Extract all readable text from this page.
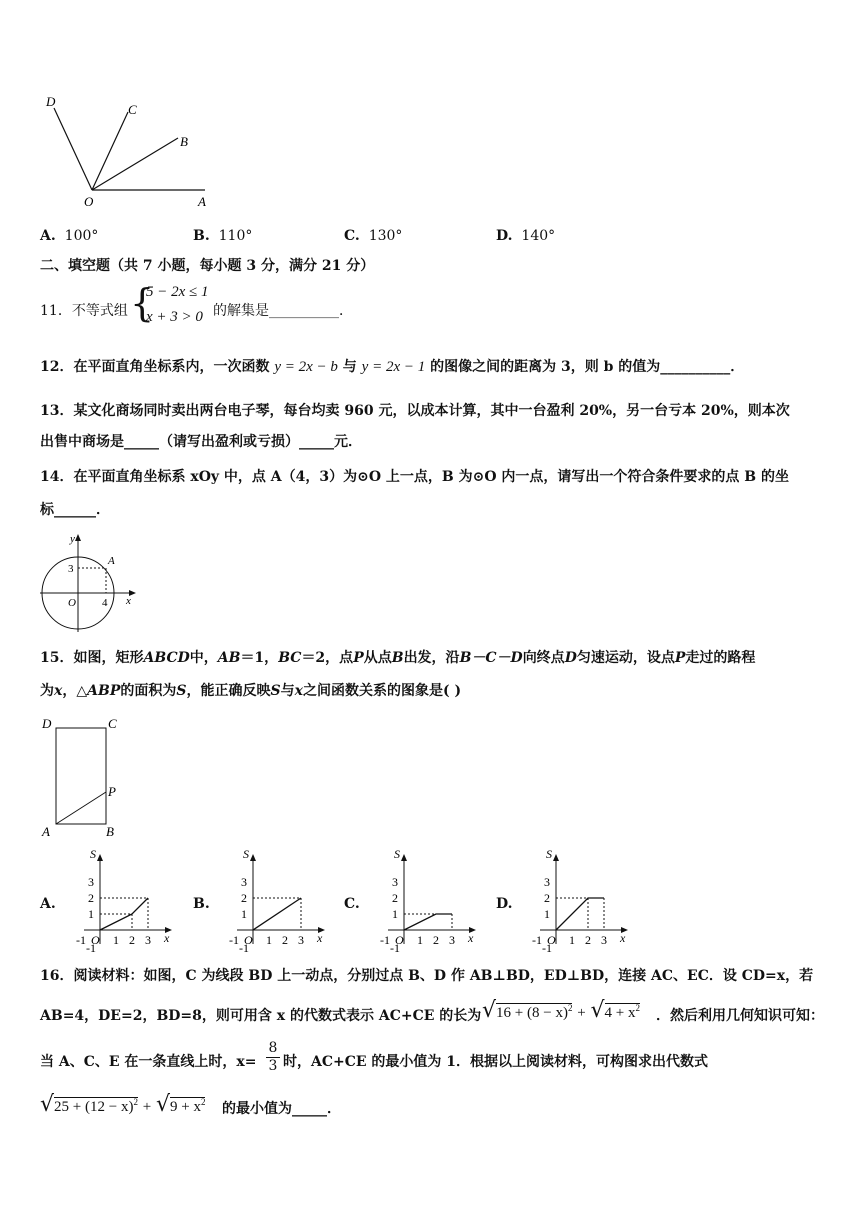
D
C
B
O	A
A. 100°	B. 110°	C. 130°	D. 140°
二、填空题（共 7 小题，每小题 3 分，满分 21 分）
11．不等式组 {
5 − 2x ≤ 1
x + 3 > 0 的解集是__________．
12．在平面直角坐标系内，一次函数 y = 2x − b 与 y = 2x − 1 的图像之间的距离为 3，则 b 的值为__________．
13．某文化商场同时卖出两台电子琴，每台均卖 960 元，以成本计算，其中一台盈利 20%，另一台亏本 20%，则本次
出售中商场是_____（请写出盈利或亏损）_____元．
14．在平面直角坐标系 xOy 中，点 A（4，3）为⊙O 上一点，B 为⊙O 内一点，请写出一个符合条件要求的点 B 的坐
标______．
y
x
O
A
3
4
15．如图，矩形ABCD中，AB＝1，BC＝2，点P从点B出发，沿B－C－D向终点D匀速运动，设点P走过的路程
为x，△ABP的面积为S，能正确反映S与x之间函数关系的图象是( )
D	C
A	B
P
A.
S
x
3
2
1
-1
-1 O 1 2 3
B.
S
x
3
2
1
-1
-1 O 1 2 3
C.
S
x
3
2
1
-1
-1 O 1 2 3
D.
S
x
3
2
1
-1
-1 O 1 2 3
16．阅读材料：如图，C 为线段 BD 上一动点，分别过点 B、D 作 AB⊥BD，ED⊥BD，连接 AC、EC．设 CD=x，若
AB=4，DE=2，BD=8，则可用含 x 的代数式表示 AC+CE 的长为 $√16 + (8 - x)^2 + √4 + x^2$ ．然后利用几何知识可知：
当 A、C、E 在一条直线上时，x=
8
3 时，AC+CE 的最小值为 1．根据以上阅读材料，可构图求出代数式
$√25 + (12 - x)^2 + √9 + x^2$ 的最小值为_____．
